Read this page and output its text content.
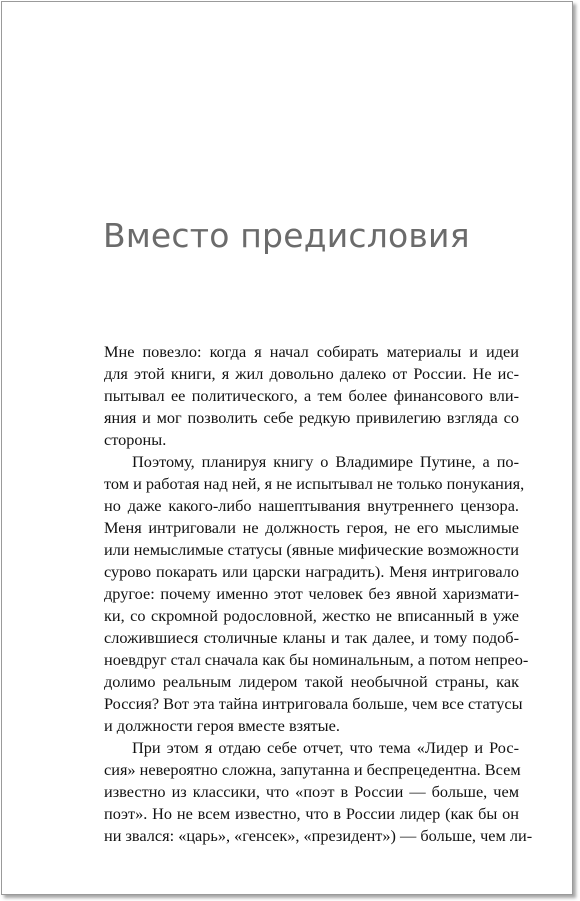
Вместо предисловия
Мне повезло: когда я начал собирать материалы и идеи
для этой книги, я жил довольно далеко от России. Не ис-
пытывал ее политического, а тем более финансового вли-
яния и мог позволить себе редкую привилегию взгляда со
стороны.
Поэтому, планируя книгу о Владимире Путине, а по-
том и работая над ней, я не испытывал не только понукания,
но даже какого-либо нашептывания внутреннего цензора.
Меня интриговали не должность героя, не его мыслимые
или немыслимые статусы (явные мифические возможности
сурово покарать или царски наградить). Меня интриговало
другое: почему именно этот человек без явной харизмати-
ки, со скромной родословной, жестко не вписанный в уже
сложившиеся столичные кланы и так далее, и тому подоб-
ноевдруг стал сначала как бы номинальным, а потом непрео-
долимо реальным лидером такой необычной страны, как
Россия? Вот эта тайна интриговала больше, чем все статусы
и должности героя вместе взятые.
При этом я отдаю себе отчет, что тема «Лидер и Рос-
сия» невероятно сложна, запутанна и беспрецедентна. Всем
известно из классики, что «поэт в России — больше, чем
поэт». Но не всем известно, что в России лидер (как бы он
ни звался: «царь», «генсек», «президент») — больше, чем ли-
